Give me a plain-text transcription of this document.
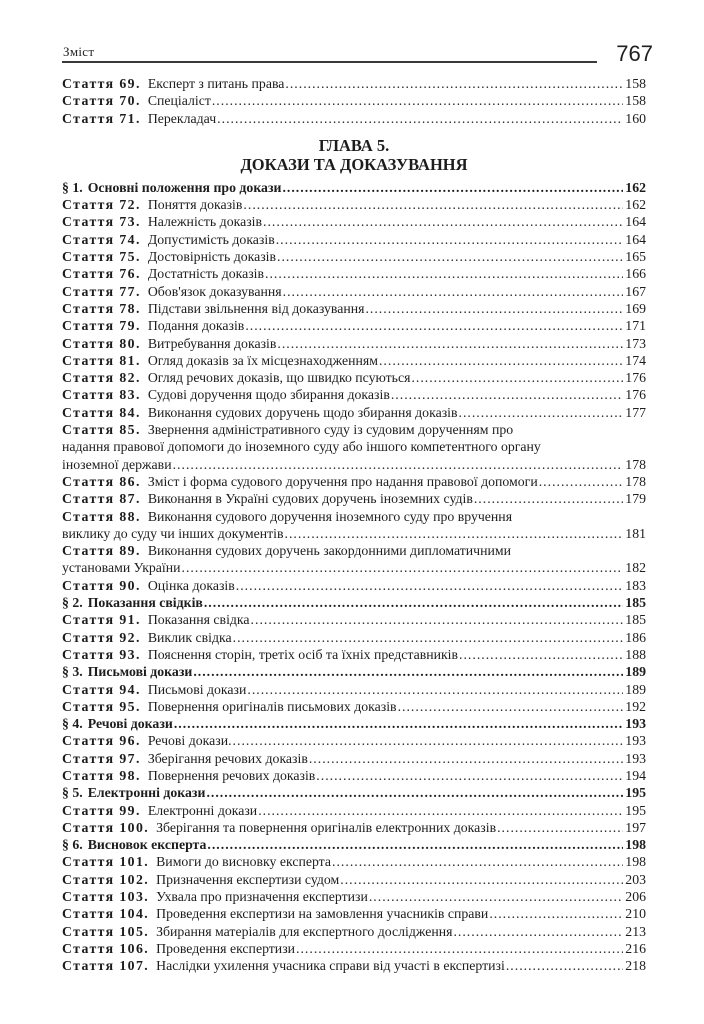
Зміст	767
Стаття 69. Експерт з питань права .....	158
Стаття 70. Спеціаліст .....	158
Стаття 71. Перекладач .....	160
ГЛАВА 5.
ДОКАЗИ ТА ДОКАЗУВАННЯ
§ 1. Основні положення про докази .....	162
Стаття 72. Поняття доказів .....	162
Стаття 73. Належність доказів .....	164
Стаття 74. Допустимість доказів .....	164
Стаття 75. Достовірність доказів .....	165
Стаття 76. Достатність доказів .....	166
Стаття 77. Обов'язок доказування .....	167
Стаття 78. Підстави звільнення від доказування .....	169
Стаття 79. Подання доказів .....	171
Стаття 80. Витребування доказів .....	173
Стаття 81. Огляд доказів за їх місцезнаходженням .....	174
Стаття 82. Огляд речових доказів, що швидко псуються .....	176
Стаття 83. Судові доручення щодо збирання доказів .....	176
Стаття 84. Виконання судових доручень щодо збирання доказів .....	177
Стаття 85. Звернення адміністративного суду із судовим дорученням про
надання правової допомоги до іноземного суду або іншого компетентного органу
іноземної держави .....	178
Стаття 86. Зміст і форма судового доручення про надання правової допомоги .....	178
Стаття 87. Виконання в Україні судових доручень іноземних судів .....	179
Стаття 88. Виконання судового доручення іноземного суду про вручення
виклику до суду чи інших документів .....	181
Стаття 89. Виконання судових доручень закордонними дипломатичними
установами України .....	182
Стаття 90. Оцінка доказів .....	183
§ 2. Показання свідків .....	185
Стаття 91. Показання свідка .....	185
Стаття 92. Виклик свідка .....	186
Стаття 93. Пояснення сторін, третіх осіб та їхніх представників .....	188
§ 3. Письмові докази .....	189
Стаття 94. Письмові докази .....	189
Стаття 95. Повернення оригіналів письмових доказів .....	192
§ 4. Речові докази .....	193
Стаття 96. Речові докази. .....	193
Стаття 97. Зберігання речових доказів .....	193
Стаття 98. Повернення речових доказів .....	194
§ 5. Електронні докази .....	195
Стаття 99. Електронні докази .....	195
Стаття 100. Зберігання та повернення оригіналів електронних доказів .....	197
§ 6. Висновок експерта .....	198
Стаття 101. Вимоги до висновку експерта .....	198
Стаття 102. Призначення експертизи судом .....	203
Стаття 103. Ухвала про призначення експертизи .....	206
Стаття 104. Проведення експертизи на замовлення учасників справи .....	210
Стаття 105. Збирання матеріалів для експертного дослідження .....	213
Стаття 106. Проведення експертизи .....	216
Стаття 107. Наслідки ухилення учасника справи від участі в експертизі .....	218
